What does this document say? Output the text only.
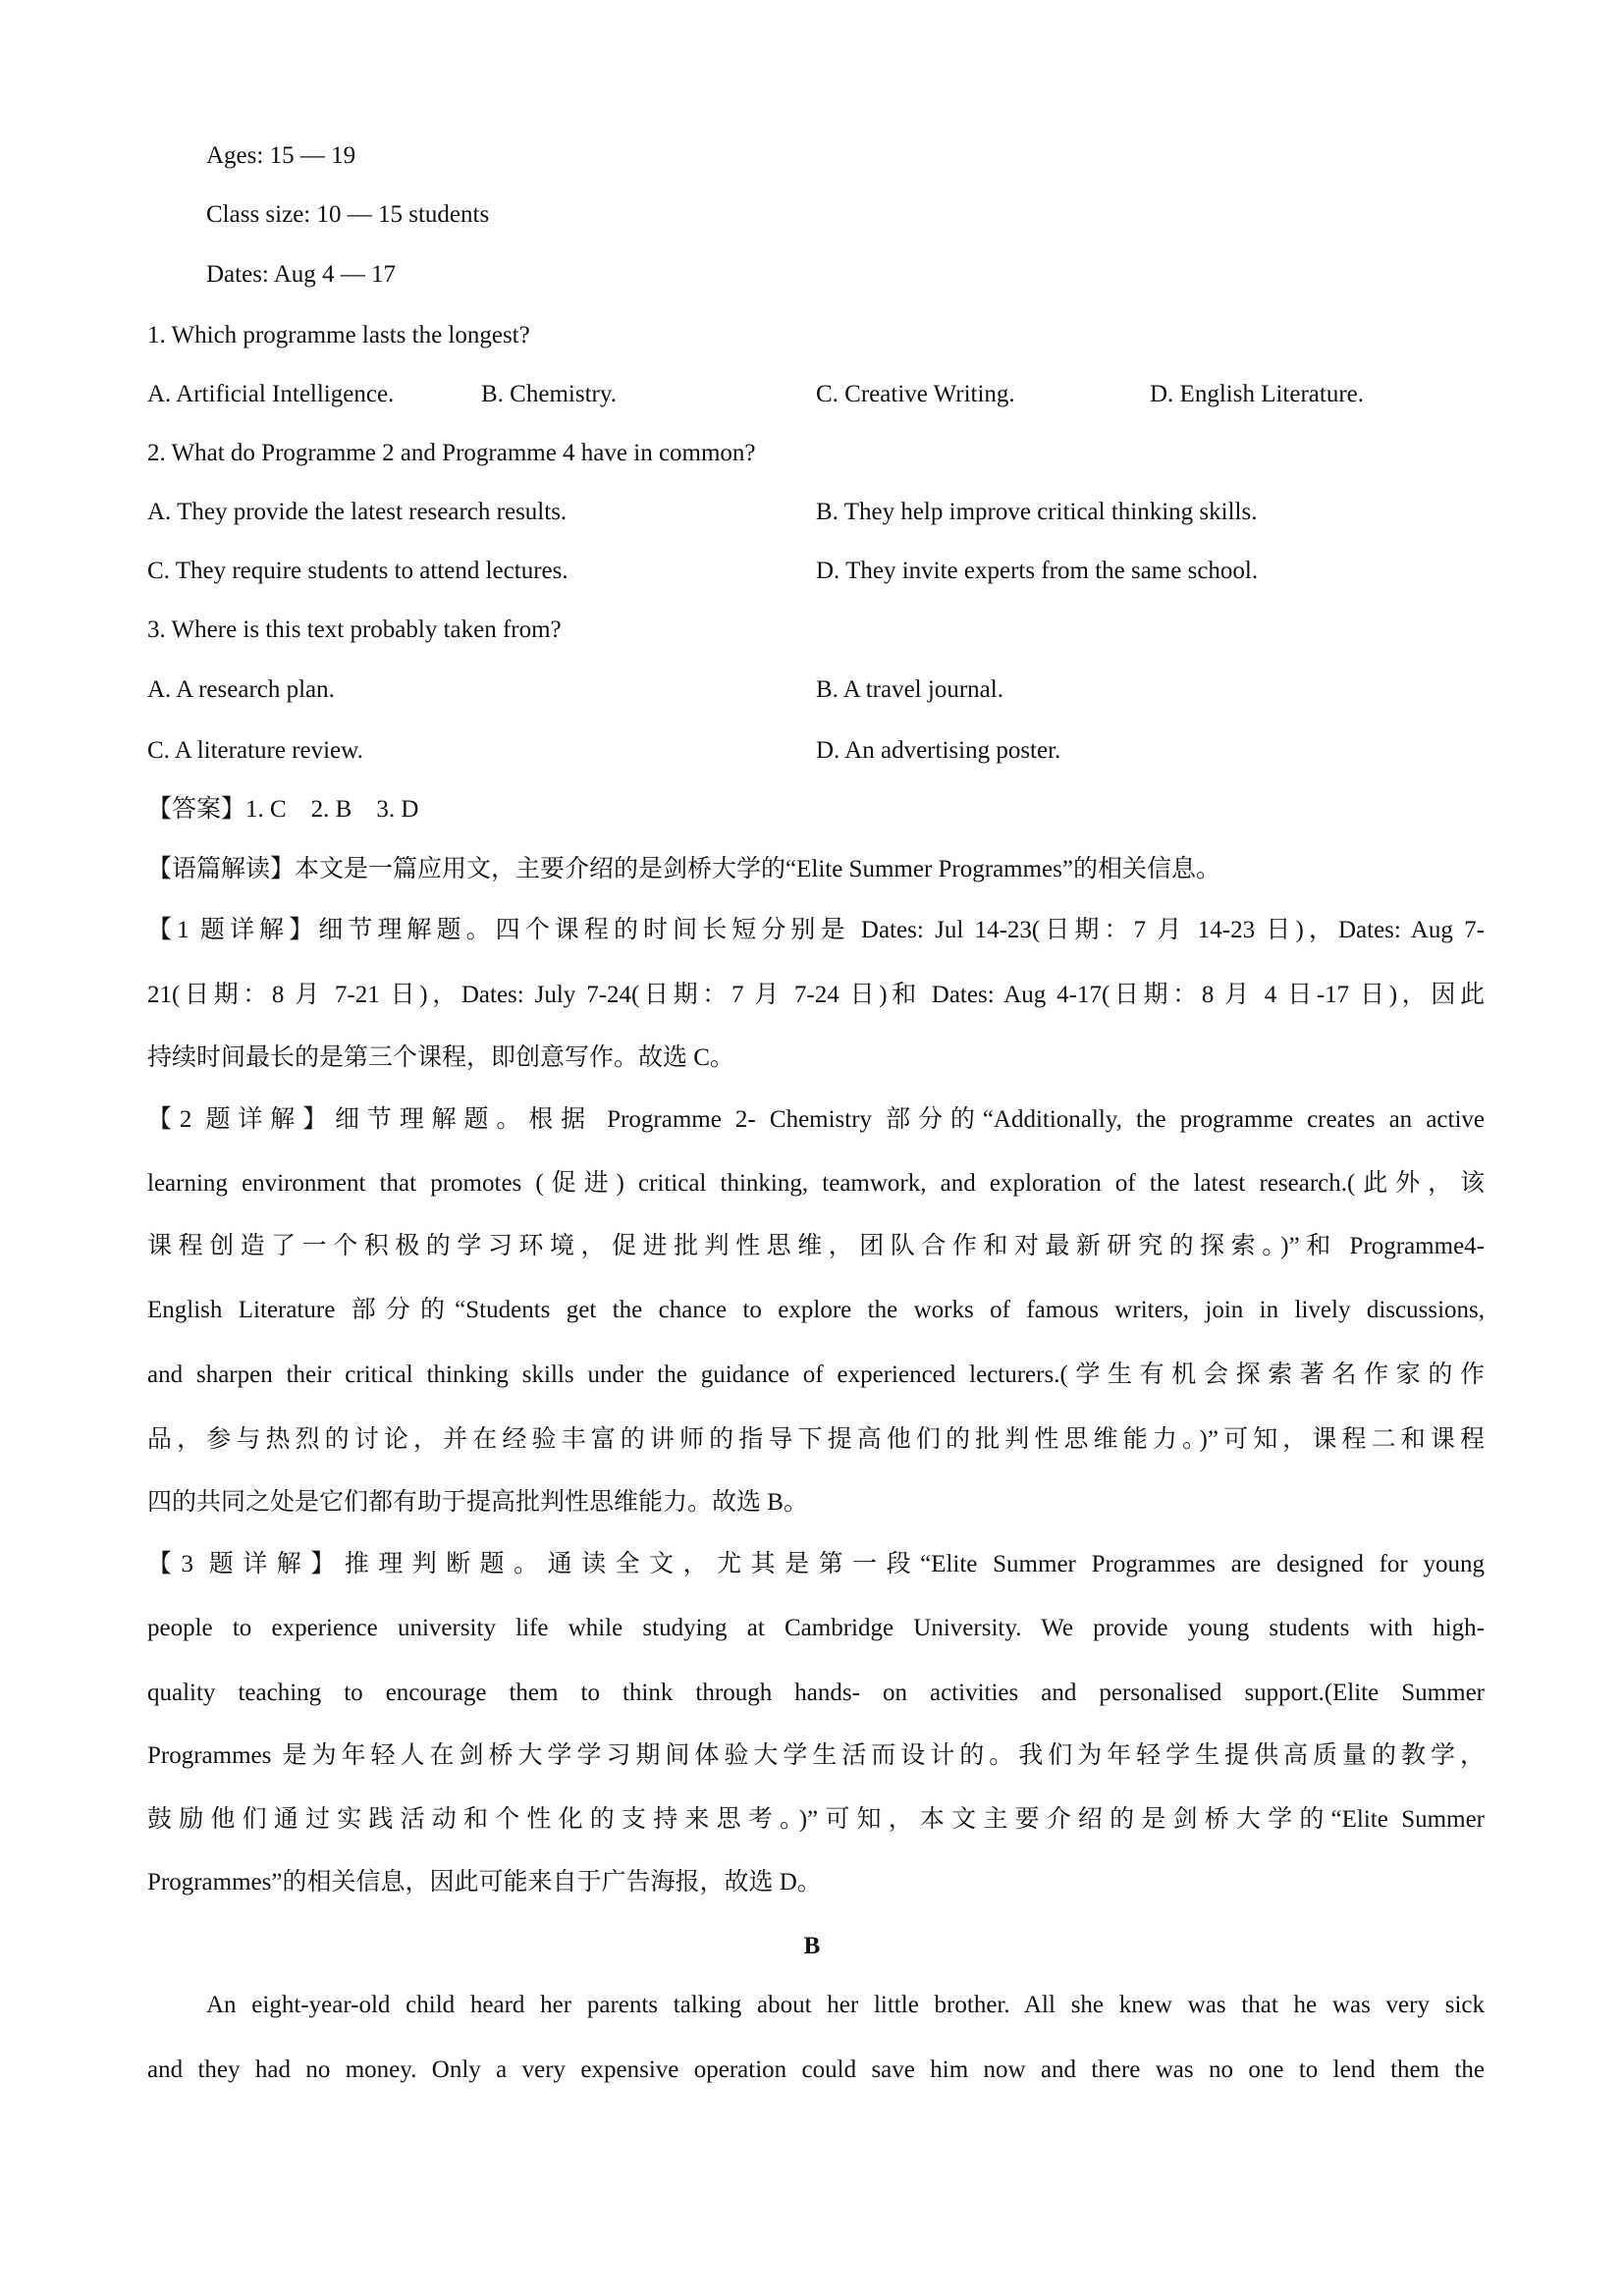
Ages: 15 — 19
Class size: 10 — 15 students
Dates: Aug 4 — 17
1. Which programme lasts the longest?
A. Artificial Intelligence.	B. Chemistry.	C. Creative Writing.	D. English Literature.
2. What do Programme 2 and Programme 4 have in common?
A. They provide the latest research results.	B. They help improve critical thinking skills.
C. They require students to attend lectures.	D. They invite experts from the same school.
3. Where is this text probably taken from?
A. A research plan.	B. A travel journal.
C. A literature review.	D. An advertising poster.
【答案】1. C　2. B　3. D
【语篇解读】本文是一篇应用文，主要介绍的是剑桥大学的“Elite Summer Programmes”的相关信息。
【1 题详解】细节理解题。四个课程的时间长短分别是 Dates: Jul 14-23(日期：7 月 14-23 日)，Dates: Aug 7-
21(日期：8 月 7-21 日)，Dates: July 7-24(日期：7 月 7-24 日)和 Dates: Aug 4-17(日期：8 月 4 日-17 日)，因此
持续时间最长的是第三个课程，即创意写作。故选 C。
【2 题详解】细节理解题。根据 Programme 2- Chemistry 部分的“Additionally, the programme creates an active
learning environment that promotes (促进) critical thinking, teamwork, and exploration of the latest research.(此外，该
课程创造了一个积极的学习环境，促进批判性思维，团队合作和对最新研究的探索。)”和 Programme4-
English Literature 部分的“Students get the chance to explore the works of famous writers, join in lively discussions,
and sharpen their critical thinking skills under the guidance of experienced lecturers.(学生有机会探索著名作家的作
品，参与热烈的讨论，并在经验丰富的讲师的指导下提高他们的批判性思维能力。)”可知，课程二和课程
四的共同之处是它们都有助于提高批判性思维能力。故选 B。
【3 题详解】推理判断题。通读全文，尤其是第一段“Elite Summer Programmes are designed for young
people to experience university life while studying at Cambridge University. We provide young students with high-
quality teaching to encourage them to think through hands- on activities and personalised support.(Elite Summer
Programmes 是为年轻人在剑桥大学学习期间体验大学生活而设计的。我们为年轻学生提供高质量的教学，
鼓励他们通过实践活动和个性化的支持来思考。)”可知，本文主要介绍的是剑桥大学的“Elite Summer
Programmes”的相关信息，因此可能来自于广告海报，故选 D。
B
An eight-year-old child heard her parents talking about her little brother. All she knew was that he was very sick
and they had no money. Only a very expensive operation could save him now and there was no one to lend them the
